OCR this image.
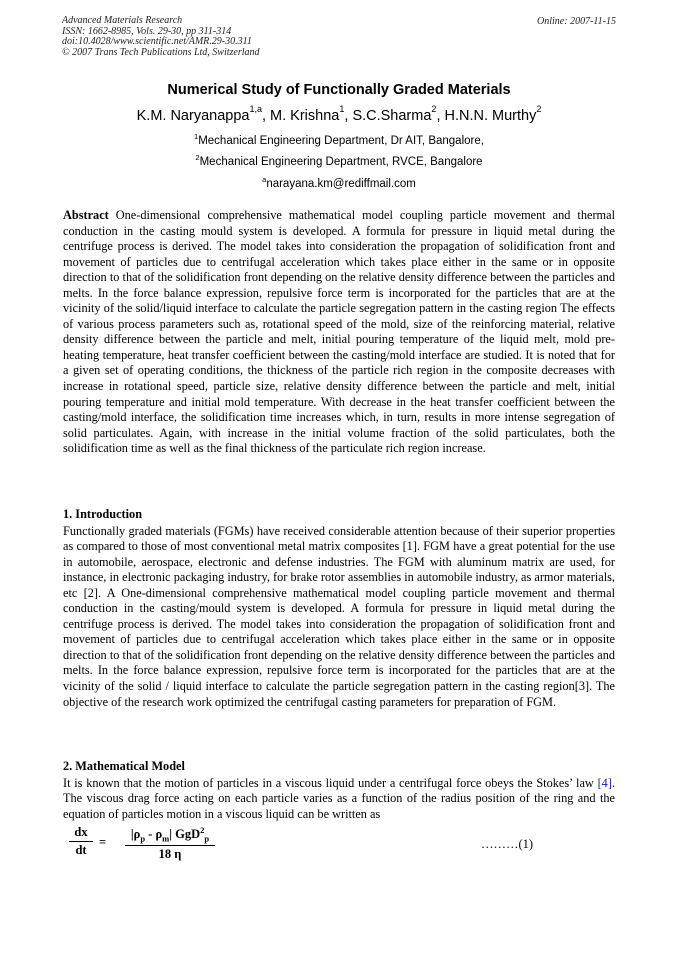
Advanced Materials Research
ISSN: 1662-8985, Vols. 29-30, pp 311-314
doi:10.4028/www.scientific.net/AMR.29-30.311
© 2007 Trans Tech Publications Ltd, Switzerland
Online: 2007-11-15
Numerical Study of Functionally Graded Materials
K.M. Naryanappa$^{1,a}$, M. Krishna$^1$, S.C.Sharma$^2$, H.N.N. Murthy$^2$
$^1$Mechanical Engineering Department, Dr AIT, Bangalore,
$^2$Mechanical Engineering Department, RVCE, Bangalore
$^a$narayana.km@rediffmail.com
Abstract One-dimensional comprehensive mathematical model coupling particle movement and thermal conduction in the casting mould system is developed. A formula for pressure in liquid metal during the centrifuge process is derived. The model takes into consideration the propagation of solidification front and movement of particles due to centrifugal acceleration which takes place either in the same or in opposite direction to that of the solidification front depending on the relative density difference between the particles and melts. In the force balance expression, repulsive force term is incorporated for the particles that are at the vicinity of the solid/liquid interface to calculate the particle segregation pattern in the casting region The effects of various process parameters such as, rotational speed of the mold, size of the reinforcing material, relative density difference between the particle and melt, initial pouring temperature of the liquid melt, mold pre-heating temperature, heat transfer coefficient between the casting/mold interface are studied. It is noted that for a given set of operating conditions, the thickness of the particle rich region in the composite decreases with increase in rotational speed, particle size, relative density difference between the particle and melt, initial pouring temperature and initial mold temperature. With decrease in the heat transfer coefficient between the casting/mold interface, the solidification time increases which, in turn, results in more intense segregation of solid particulates. Again, with increase in the initial volume fraction of the solid particulates, both the solidification time as well as the final thickness of the particulate rich region increase.
1. Introduction
Functionally graded materials (FGMs) have received considerable attention because of their superior properties as compared to those of most conventional metal matrix composites [1]. FGM have a great potential for the use in automobile, aerospace, electronic and defense industries. The FGM with aluminum matrix are used, for instance, in electronic packaging industry, for brake rotor assemblies in automobile industry, as armor materials, etc [2]. A One-dimensional comprehensive mathematical model coupling particle movement and thermal conduction in the casting/mould system is developed. A formula for pressure in liquid metal during the centrifuge process is derived. The model takes into consideration the propagation of solidification front and movement of particles due to centrifugal acceleration which takes place either in the same or in opposite direction to that of the solidification front depending on the relative density difference between the particles and melts. In the force balance expression, repulsive force term is incorporated for the particles that are at the vicinity of the solid / liquid interface to calculate the particle segregation pattern in the casting region[3]. The objective of the research work optimized the centrifugal casting parameters for preparation of FGM.
2. Mathematical Model
It is known that the motion of particles in a viscous liquid under a centrifugal force obeys the Stokes’ law [4]. The viscous drag force acting on each particle varies as a function of the radius position of the ring and the equation of particles motion in a viscous liquid can be written as
$\frac{dx}{dt}$ =
$|\rho_p - \rho_m|$ GgD$^2_p$
18 η
………(1)
